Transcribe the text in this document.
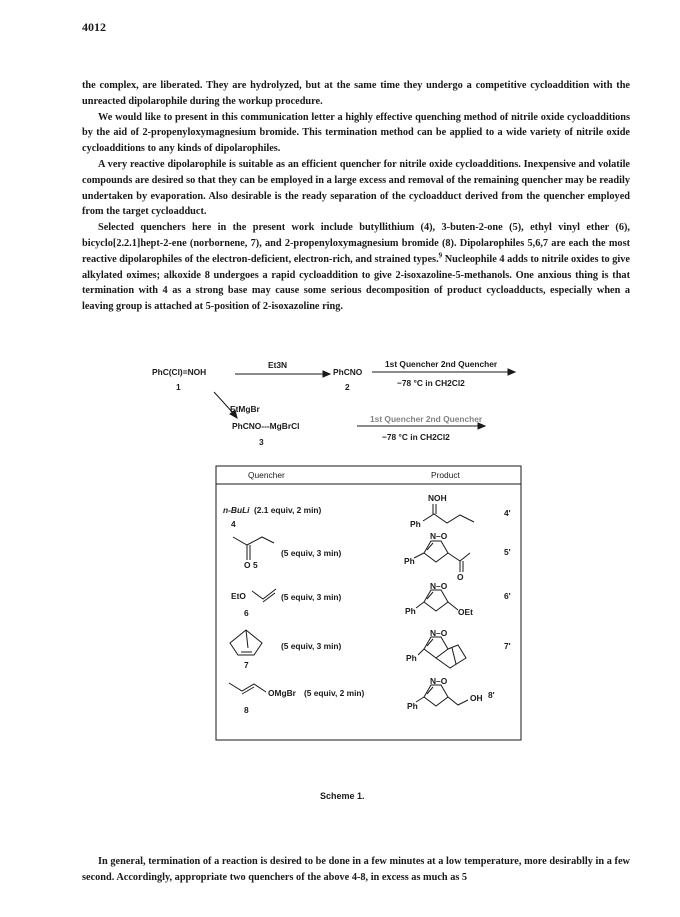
4012

the complex, are liberated. They are hydrolyzed, but at the same time they undergo a competitive cycloaddition with the unreacted dipolarophile during the workup procedure.

We would like to present in this communication letter a highly effective quenching method of nitrile oxide cycloadditions by the aid of 2-propenyloxymagnesium bromide. This termination method can be applied to a wide variety of nitrile oxide cycloadditions to any kinds of dipolarophiles.

A very reactive dipolarophile is suitable as an efficient quencher for nitrile oxide cycloadditions. Inexpensive and volatile compounds are desired so that they can be employed in a large excess and removal of the remaining quencher may be readily undertaken by evaporation. Also desirable is the ready separation of the cycloadduct derived from the quencher employed from the target cycloadduct.

Selected quenchers here in the present work include butyllithium (4), 3-buten-2-one (5), ethyl vinyl ether (6), bicyclo[2.2.1]hept-2-ene (norbornene, 7), and 2-propenyloxymagnesium bromide (8). Dipolarophiles 5,6,7 are each the most reactive dipolarophiles of the electron-deficient, electron-rich, and strained types.$^9$ Nucleophile 4 adds to nitrile oxides to give alkylated oximes; alkoxide 8 undergoes a rapid cycloaddition to give 2-isoxazoline-5-methanols. One anxious thing is that termination with 4 as a strong base may cause some serious decomposition of product cycloadducts, especially when a leaving group is attached at 5-position of 2-isoxazoline ring.

PhC(Cl)=NOH
1
Et3N
PhCNO
2
1st Quencher 2nd Quencher
−78 °C in CH2Cl2
EtMgBr
1st Quencher 2nd Quencher
PhCNO---MgBrCl
3	−78 °C in CH2Cl2
Quencher	Product
n-BuLi (2.1 equiv, 2 min)
4
NOH
Ph
4'
(5 equiv, 3 min)
O 5
N–O
Ph
O
5'
EtO	(5 equiv, 3 min)
6
N–O
Ph	OEt
6'
(5 equiv, 3 min)
7
N–O
Ph
7'
OMgBr (5 equiv, 2 min)
8
N–O
Ph
OH 8'
Scheme 1.

In general, termination of a reaction is desired to be done in a few minutes at a low temperature, more desirablly in a few second. Accordingly, appropriate two quenchers of the above 4-8, in excess as much as 5
